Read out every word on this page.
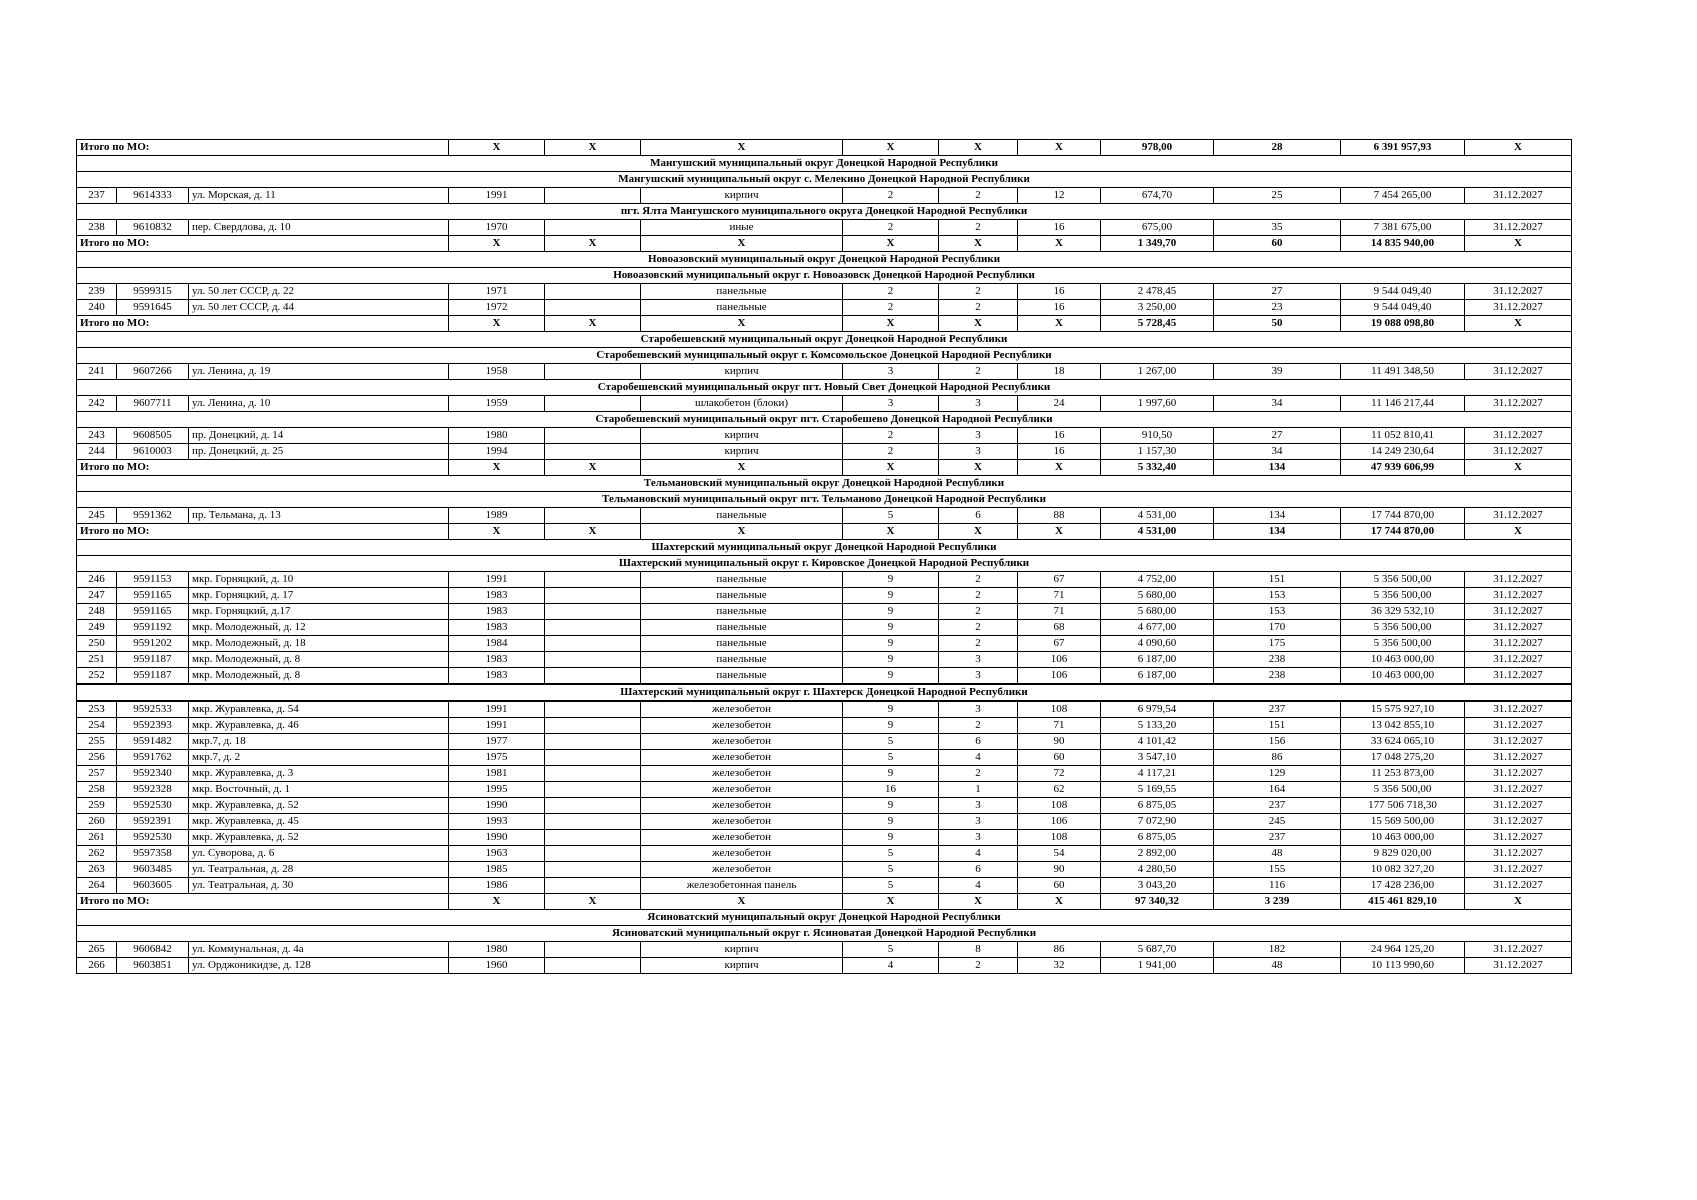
Итого по МО:			X	X	X	X	X	X	978,00	28	6 391 957,93	X
Мангушский муниципальный округ Донецкой Народной Республики												
Мангушский муниципальный округ с. Мелекино Донецкой Народной Республики												
237	9614333	ул. Морская, д. 11	1991		кирпич	2	2	12	674,70	25	7 454 265,00	31.12.2027
пгт. Ялта Мангушского муниципального округа Донецкой Народной Республики												
238	9610832	пер. Свердлова, д. 10	1970		иные	2	2	16	675,00	35	7 381 675,00	31.12.2027
Итого по МО:			X	X	X	X	X	X	1 349,70	60	14 835 940,00	X
Новоазовский муниципальный округ Донецкой Народной Республики												
Новоазовский муниципальный округ г. Новоазовск Донецкой Народной Республики												
239	9599315	ул. 50 лет СССР, д. 22	1971		панельные	2	2	16	2 478,45	27	9 544 049,40	31.12.2027
240	9591645	ул. 50 лет СССР, д. 44	1972		панельные	2	2	16	3 250,00	23	9 544 049,40	31.12.2027
Итого по МО:			X	X	X	X	X	X	5 728,45	50	19 088 098,80	X
Старобешевский муниципальный округ Донецкой Народной Республики												
Старобешевский муниципальный округ г. Комсомольское Донецкой Народной Республики												
241	9607266	ул. Ленина, д. 19	1958		кирпич	3	2	18	1 267,00	39	11 491 348,50	31.12.2027
Старобешевский муниципальный округ пгт. Новый Свет Донецкой Народной Республики												
242	9607711	ул. Ленина, д. 10	1959		шлакобетон (блоки)	3	3	24	1 997,60	34	11 146 217,44	31.12.2027
Старобешевский муниципальный округ пгт. Старобешево Донецкой Народной Республики												
243	9608505	пр. Донецкий, д. 14	1980		кирпич	2	3	16	910,50	27	11 052 810,41	31.12.2027
244	9610003	пр. Донецкий, д. 25	1994		кирпич	2	3	16	1 157,30	34	14 249 230,64	31.12.2027
Итого по МО:			X	X	X	X	X	X	5 332,40	134	47 939 606,99	X
Тельмановский муниципальный округ Донецкой Народной Республики												
Тельмановский муниципальный округ пгт. Тельманово Донецкой Народной Республики												
245	9591362	пр. Тельмана, д. 13	1989		панельные	5	6	88	4 531,00	134	17 744 870,00	31.12.2027
Итого по МО:			X	X	X	X	X	X	4 531,00	134	17 744 870,00	X
Шахтерский муниципальный округ Донецкой Народной Республики												
Шахтерский муниципальный округ г. Кировское Донецкой Народной Республики												
246	9591153	мкр. Горняцкий, д. 10	1991		панельные	9	2	67	4 752,00	151	5 356 500,00	31.12.2027
247	9591165	мкр. Горняцкий, д. 17	1983		панельные	9	2	71	5 680,00	153	5 356 500,00	31.12.2027
248	9591165	мкр. Горняцкий, д.17	1983		панельные	9	2	71	5 680,00	153	36 329 532,10	31.12.2027
249	9591192	мкр. Молодежный, д. 12	1983		панельные	9	2	68	4 677,00	170	5 356 500,00	31.12.2027
250	9591202	мкр. Молодежный, д. 18	1984		панельные	9	2	67	4 090,60	175	5 356 500,00	31.12.2027
251	9591187	мкр. Молодежный, д. 8	1983		панельные	9	3	106	6 187,00	238	10 463 000,00	31.12.2027
252	9591187	мкр. Молодежный, д. 8	1983		панельные	9	3	106	6 187,00	238	10 463 000,00	31.12.2027
Шахтерский муниципальный округ г. Шахтерск Донецкой Народной Республики												
253	9592533	мкр. Журавлевка, д. 54	1991		железобетон	9	3	108	6 979,54	237	15 575 927,10	31.12.2027
254	9592393	мкр. Журавлевка, д. 46	1991		железобетон	9	2	71	5 133,20	151	13 042 855,10	31.12.2027
255	9591482	мкр.7, д. 18	1977		железобетон	5	6	90	4 101,42	156	33 624 065,10	31.12.2027
256	9591762	мкр.7, д. 2	1975		железобетон	5	4	60	3 547,10	86	17 048 275,20	31.12.2027
257	9592340	мкр. Журавлевка, д. 3	1981		железобетон	9	2	72	4 117,21	129	11 253 873,00	31.12.2027
258	9592328	мкр. Восточный, д. 1	1995		железобетон	16	1	62	5 169,55	164	5 356 500,00	31.12.2027
259	9592530	мкр. Журавлевка, д. 52	1990		железобетон	9	3	108	6 875,05	237	177 506 718,30	31.12.2027
260	9592391	мкр. Журавлевка, д. 45	1993		железобетон	9	3	106	7 072,90	245	15 569 500,00	31.12.2027
261	9592530	мкр. Журавлевка, д. 52	1990		железобетон	9	3	108	6 875,05	237	10 463 000,00	31.12.2027
262	9597358	ул. Суворова, д. 6	1963		железобетон	5	4	54	2 892,00	48	9 829 020,00	31.12.2027
263	9603485	ул. Театральная, д. 28	1985		железобетон	5	6	90	4 280,50	155	10 082 327,20	31.12.2027
264	9603605	ул. Театральная, д. 30	1986		железобетонная панель	5	4	60	3 043,20	116	17 428 236,00	31.12.2027
Итого по МО:			X	X	X	X	X	X	97 340,32	3 239	415 461 829,10	X
Ясиноватский муниципальный округ Донецкой Народной Республики												
Ясиноватский муниципальный округ г. Ясиноватая Донецкой Народной Республики												
265	9606842	ул. Коммунальная, д. 4а	1980		кирпич	5	8	86	5 687,70	182	24 964 125,20	31.12.2027
266	9603851	ул. Орджоникидзе, д. 128	1960		кирпич	4	2	32	1 941,00	48	10 113 990,60	31.12.2027
